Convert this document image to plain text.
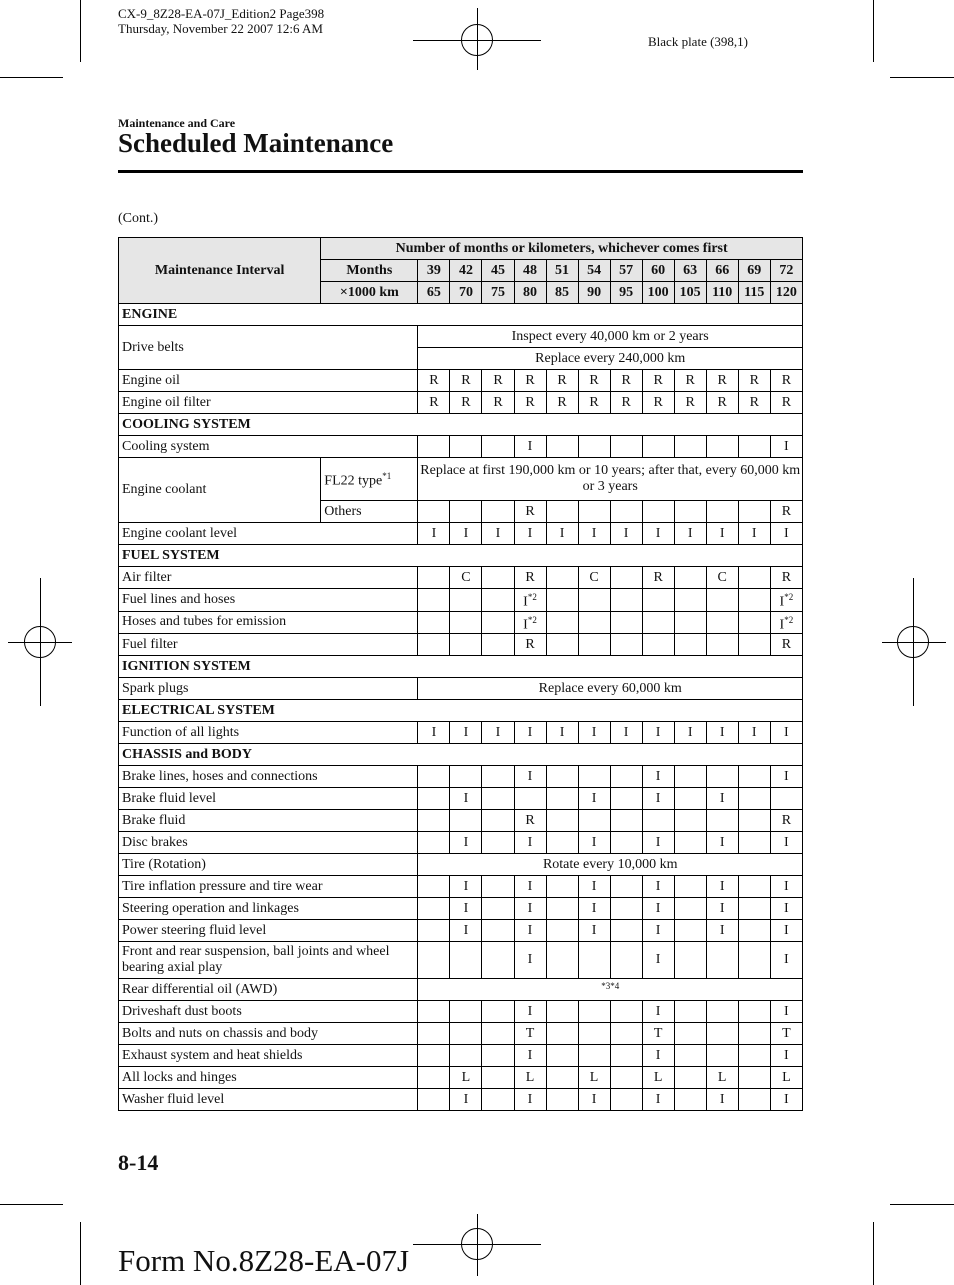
CX-9_8Z28-EA-07J_Edition2 Page398
Thursday, November 22 2007 12:6 AM
Black plate (398,1)
Maintenance and Care
Scheduled Maintenance
(Cont.)
Maintenance Interval	Number of months or kilometers, whichever comes first												
	Months	39	42	45	48	51	54	57	60	63	66	69	72
	×1000 km	65	70	75	80	85	90	95	100	105	110	115	120
ENGINE													
Drive belts		Inspect every 40,000 km or 2 years											
		Replace every 240,000 km											
Engine oil		R	R	R	R	R	R	R	R	R	R	R	R
Engine oil filter		R	R	R	R	R	R	R	R	R	R	R	R
COOLING SYSTEM													
Cooling system					I								I
Engine coolant	FL22 type$^{*1}$	Replace at first 190,000 km or 10 years; after that, every 60,000 km or 3 years											
	Others				R								R
Engine coolant level		I	I	I	I	I	I	I	I	I	I	I	I
FUEL SYSTEM													
Air filter			C		R		C		R		C		R
Fuel lines and hoses					$I^{*2}$								$I^{*2}$
Hoses and tubes for emission					$I^{*2}$								$I^{*2}$
Fuel filter					R								R
IGNITION SYSTEM													
Spark plugs		Replace every 60,000 km											
ELECTRICAL SYSTEM													
Function of all lights		I	I	I	I	I	I	I	I	I	I	I	I
CHASSIS and BODY													
Brake lines, hoses and connections					I				I				I
Brake fluid level			I				I		I		I		
Brake fluid					R								R
Disc brakes			I		I		I		I		I		I
Tire (Rotation)		Rotate every 10,000 km											
Tire inflation pressure and tire wear			I		I		I		I		I		I
Steering operation and linkages			I		I		I		I		I		I
Power steering fluid level			I		I		I		I		I		I
Front and rear suspension, ball joints and wheel bearing axial play					I				I				I
Rear differential oil (AWD)		*3*4											

Driveshaft dust boots					I				I				I
Bolts and nuts on chassis and body					T				T				T
Exhaust system and heat shields					I				I				I
All locks and hinges			L		L		L		L		L		L
Washer fluid level			I		I		I		I		I		I
8-14
Form No.8Z28-EA-07J
